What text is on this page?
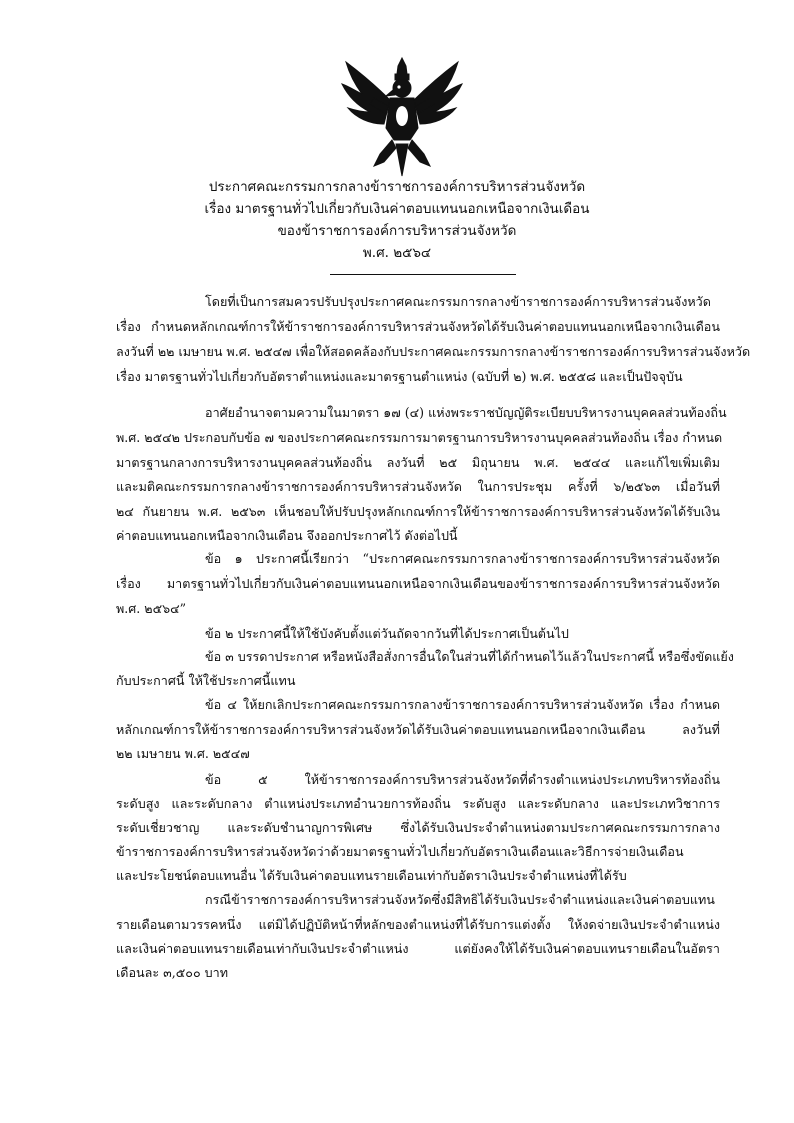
ประกาศคณะกรรมการกลางข้าราชการองค์การบริหารส่วนจังหวัด
เรื่อง มาตรฐานทั่วไปเกี่ยวกับเงินค่าตอบแทนนอกเหนือจากเงินเดือน
ของข้าราชการองค์การบริหารส่วนจังหวัด
พ.ศ. ๒๕๖๔
โดยที่เป็นการสมควรปรับปรุงประกาศคณะกรรมการกลางข้าราชการองค์การบริหารส่วนจังหวัด
เรื่อง กำหนดหลักเกณฑ์การให้ข้าราชการองค์การบริหารส่วนจังหวัดได้รับเงินค่าตอบแทนนอกเหนือจากเงินเดือน
ลงวันที่ ๒๒ เมษายน พ.ศ. ๒๕๔๗ เพื่อให้สอดคล้องกับประกาศคณะกรรมการกลางข้าราชการองค์การบริหารส่วนจังหวัด
เรื่อง มาตรฐานทั่วไปเกี่ยวกับอัตราตำแหน่งและมาตรฐานตำแหน่ง (ฉบับที่ ๒) พ.ศ. ๒๕๕๘ และเป็นปัจจุบัน
อาศัยอำนาจตามความในมาตรา ๑๗ (๔) แห่งพระราชบัญญัติระเบียบบริหารงานบุคคลส่วนท้องถิ่น
พ.ศ. ๒๕๔๒ ประกอบกับข้อ ๗ ของประกาศคณะกรรมการมาตรฐานการบริหารงานบุคคลส่วนท้องถิ่น เรื่อง กำหนด
มาตรฐานกลางการบริหารงานบุคคลส่วนท้องถิ่น ลงวันที่ ๒๕ มิถุนายน พ.ศ. ๒๕๔๔ และแก้ไขเพิ่มเติม
และมติคณะกรรมการกลางข้าราชการองค์การบริหารส่วนจังหวัด ในการประชุม ครั้งที่ ๖/๒๕๖๓ เมื่อวันที่
๒๔ กันยายน พ.ศ. ๒๕๖๓ เห็นชอบให้ปรับปรุงหลักเกณฑ์การให้ข้าราชการองค์การบริหารส่วนจังหวัดได้รับเงิน
ค่าตอบแทนนอกเหนือจากเงินเดือน จึงออกประกาศไว้ ดังต่อไปนี้
ข้อ ๑ ประกาศนี้เรียกว่า “ประกาศคณะกรรมการกลางข้าราชการองค์การบริหารส่วนจังหวัด
เรื่อง มาตรฐานทั่วไปเกี่ยวกับเงินค่าตอบแทนนอกเหนือจากเงินเดือนของข้าราชการองค์การบริหารส่วนจังหวัด
พ.ศ. ๒๕๖๔”
ข้อ ๒ ประกาศนี้ให้ใช้บังคับตั้งแต่วันถัดจากวันที่ได้ประกาศเป็นต้นไป
ข้อ ๓ บรรดาประกาศ หรือหนังสือสั่งการอื่นใดในส่วนที่ได้กำหนดไว้แล้วในประกาศนี้ หรือซึ่งขัดแย้ง
กับประกาศนี้ ให้ใช้ประกาศนี้แทน
ข้อ ๔ ให้ยกเลิกประกาศคณะกรรมการกลางข้าราชการองค์การบริหารส่วนจังหวัด เรื่อง กำหนด
หลักเกณฑ์การให้ข้าราชการองค์การบริหารส่วนจังหวัดได้รับเงินค่าตอบแทนนอกเหนือจากเงินเดือน ลงวันที่
๒๒ เมษายน พ.ศ. ๒๕๔๗
ข้อ ๕ ให้ข้าราชการองค์การบริหารส่วนจังหวัดที่ดำรงตำแหน่งประเภทบริหารท้องถิ่น
ระดับสูง และระดับกลาง ตำแหน่งประเภทอำนวยการท้องถิ่น ระดับสูง และระดับกลาง และประเภทวิชาการ
ระดับเชี่ยวชาญ และระดับชำนาญการพิเศษ ซึ่งได้รับเงินประจำตำแหน่งตามประกาศคณะกรรมการกลาง
ข้าราชการองค์การบริหารส่วนจังหวัดว่าด้วยมาตรฐานทั่วไปเกี่ยวกับอัตราเงินเดือนและวิธีการจ่ายเงินเดือน
และประโยชน์ตอบแทนอื่น ได้รับเงินค่าตอบแทนรายเดือนเท่ากับอัตราเงินประจำตำแหน่งที่ได้รับ
กรณีข้าราชการองค์การบริหารส่วนจังหวัดซึ่งมีสิทธิได้รับเงินประจำตำแหน่งและเงินค่าตอบแทน
รายเดือนตามวรรคหนึ่ง แต่มิได้ปฏิบัติหน้าที่หลักของตำแหน่งที่ได้รับการแต่งตั้ง ให้งดจ่ายเงินประจำตำแหน่ง
และเงินค่าตอบแทนรายเดือนเท่ากับเงินประจำตำแหน่ง แต่ยังคงให้ได้รับเงินค่าตอบแทนรายเดือนในอัตรา
เดือนละ ๓,๕๐๐ บาท
